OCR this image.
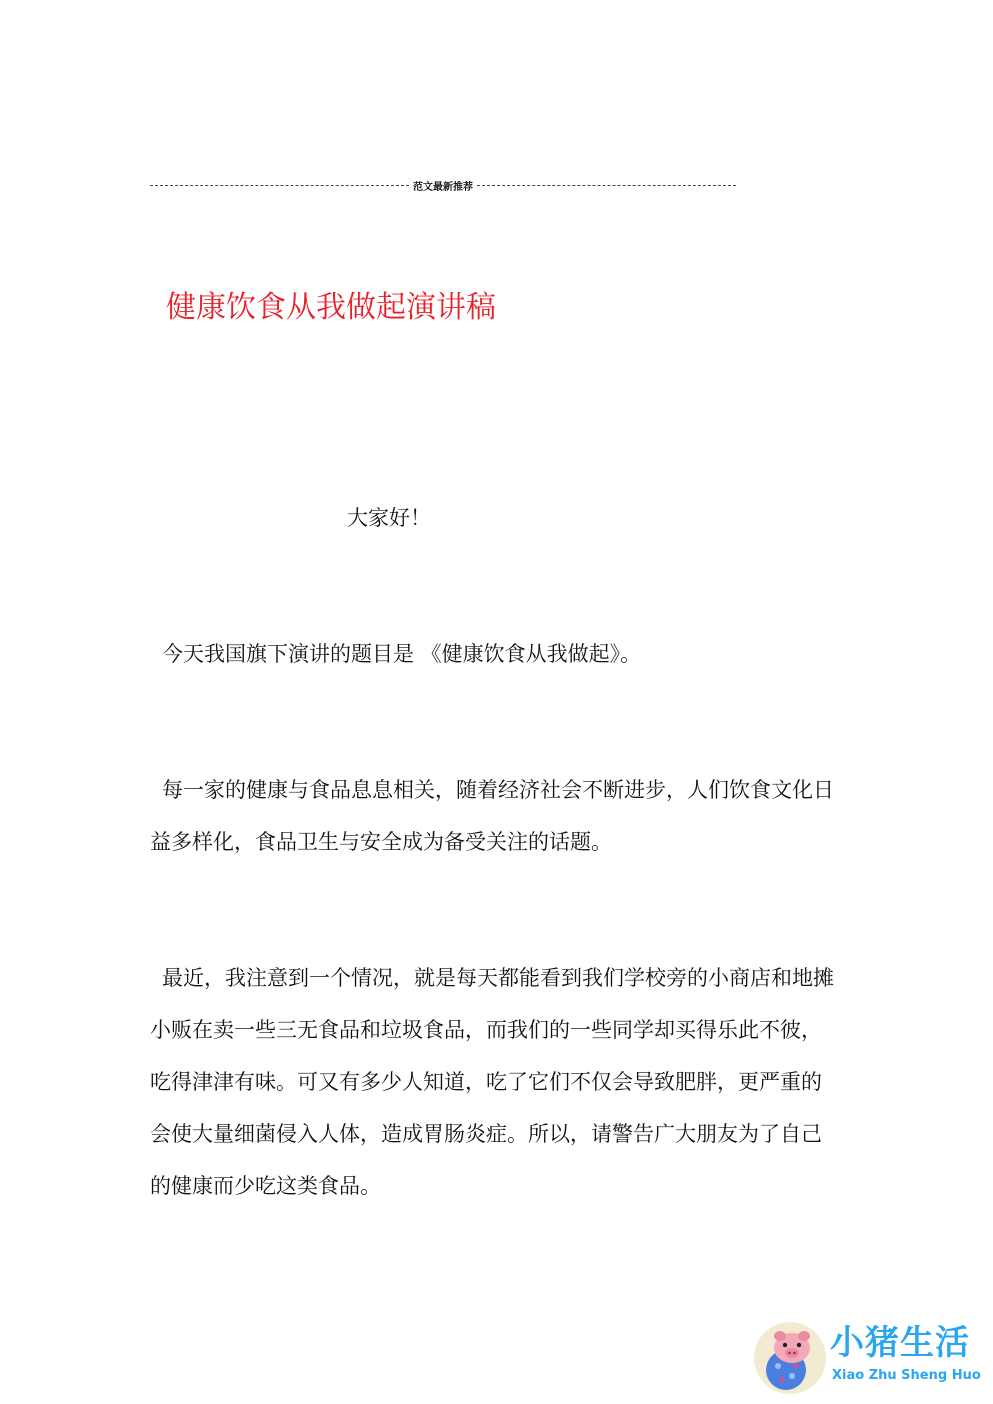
范文最新推荐
健康饮食从我做起演讲稿
大家好！

今天我国旗下演讲的题目是 《健康饮食从我做起》。

每一家的健康与食品息息相关，随着经济社会不断进步，人们饮食文化日益多样化，食品卫生与安全成为备受关注的话题。

最近，我注意到一个情况，就是每天都能看到我们学校旁的小商店和地摊小贩在卖一些三无食品和垃圾食品，而我们的一些同学却买得乐此不彼，吃得津津有味。可又有多少人知道，吃了它们不仅会导致肥胖，更严重的会使大量细菌侵入人体，造成胃肠炎症。所以，请警告广大朋友为了自己的健康而少吃这类食品。

小猪生活
Xiao Zhu Sheng Huo
